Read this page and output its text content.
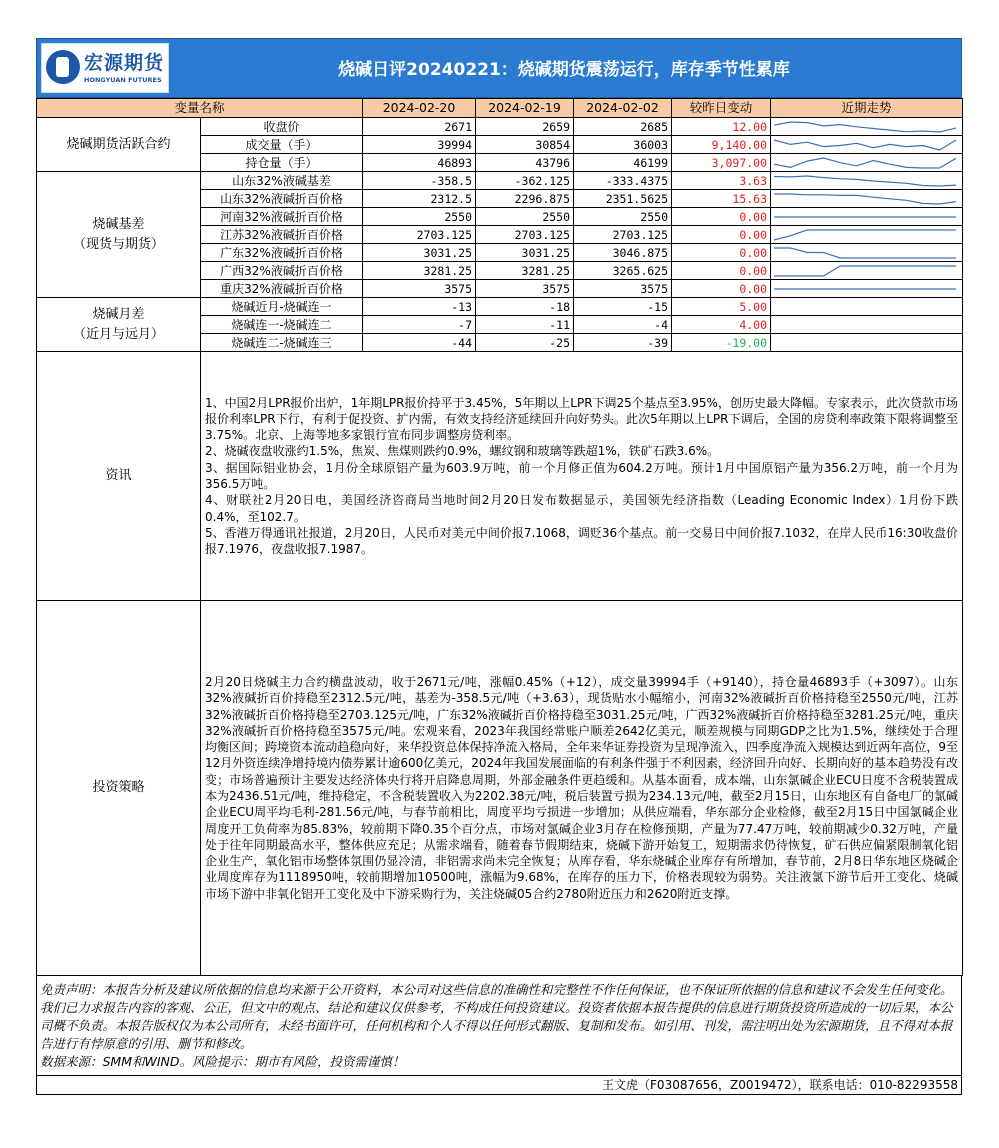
宏源期货
HONGYUAN FUTURES	烧碱日评20240221：烧碱期货震荡运行，库存季节性累库
变量名称		2024-02-20	2024-02-19	2024-02-02	较昨日变动	近期走势

烧碱期货活跃合约	收盘价	2671	2659	2685	12.00	

	成交量（手）	39994	30854	36003	9,140.00	

	持仓量（手）	46893	43796	46199	3,097.00	

烧碱基差
（现货与期货）	山东32%液碱基差	-358.5	-362.125	-333.4375	3.63	

	山东32%液碱折百价格	2312.5	2296.875	2351.5625	15.63	

	河南32%液碱折百价格	2550	2550	2550	0.00	

	江苏32%液碱折百价格	2703.125	2703.125	2703.125	0.00	

	广东32%液碱折百价格	3031.25	3031.25	3046.875	0.00	

	广西32%液碱折百价格	3281.25	3281.25	3265.625	0.00	

	重庆32%液碱折百价格	3575	3575	3575	0.00	

烧碱月差
（近月与远月）	烧碱近月-烧碱连一	-13	-18	-15	5.00	
	烧碱连一-烧碱连二	-7	-11	-4	4.00	
	烧碱连二-烧碱连三	-44	-25	-39	-19.00	
资讯	1、中国2月LPR报价出炉，1年期LPR报价持平于3.45%，5年期以上LPR下调25个基点至3.95%，创历史最大降幅。专家表示，此次贷款市场报价利率LPR下行，有利于促投资、扩内需，有效支持经济延续回升向好势头。此次5年期以上LPR下调后，全国的房贷利率政策下限将调整至3.75%。北京、上海等地多家银行宣布同步调整房贷利率。

2、烧碱夜盘收涨约1.5%，焦炭、焦煤则跌约0.9%，螺纹钢和玻璃等跌超1%，铁矿石跌3.6%。

3、据国际铝业协会，1月份全球原铝产量为603.9万吨，前一个月修正值为604.2万吨。预计1月中国原铝产量为356.2万吨，前一个月为356.5万吨。

4、财联社2月20日电，美国经济咨商局当地时间2月20日发布数据显示，美国领先经济指数（Leading Economic Index）1月份下跌0.4%，至102.7。

5、香港万得通讯社报道，2月20日，人民币对美元中间价报7.1068，调贬36个基点。前一交易日中间价报7.1032，在岸人民币16:30收盘价报7.1976，夜盘收报7.1987。					

投资策略	2月20日烧碱主力合约横盘波动，收于2671元/吨，涨幅0.45%（+12），成交量39994手（+9140），持仓量46893手（+3097）。山东32%液碱折百价持稳至2312.5元/吨，基差为-358.5元/吨（+3.63），现货贴水小幅缩小，河南32%液碱折百价格持稳至2550元/吨，江苏32%液碱折百价格持稳至2703.125元/吨，广东32%液碱折百价格持稳至3031.25元/吨，广西32%液碱折百价格持稳至3281.25元/吨，重庆32%液碱折百价格持稳至3575元/吨。宏观来看，2023年我国经常账户顺差2642亿美元，顺差规模与同期GDP之比为1.5%，继续处于合理均衡区间；跨境资本流动趋稳向好，来华投资总体保持净流入格局，全年来华证券投资为呈现净流入，四季度净流入规模达到近两年高位，9至12月外资连续净增持境内债券累计逾600亿美元，2024年我国发展面临的有利条件强于不利因素，经济回升向好、长期向好的基本趋势没有改变；市场普遍预计主要发达经济体央行将开启降息周期，外部金融条件更趋缓和。从基本面看，成本端，山东氯碱企业ECU日度不含税装置成本为2436.51元/吨，维持稳定，不含税装置收入为2202.38元/吨，税后装置亏损为234.13元/吨，截至2月15日，山东地区有自备电厂的氯碱企业ECU周平均毛利-281.56元/吨，与春节前相比，周度平均亏损进一步增加；从供应端看，华东部分企业检修，截至2月15日中国氯碱企业周度开工负荷率为85.83%，较前期下降0.35个百分点，市场对氯碱企业3月存在检修预期，产量为77.47万吨，较前期减少0.32万吨，产量处于往年同期最高水平，整体供应充足；从需求端看，随着春节假期结束，烧碱下游开始复工，短期需求仍待恢复，矿石供应偏紧限制氧化铝企业生产，氧化铝市场整体氛围仍显冷清，非铝需求尚未完全恢复；从库存看，华东烧碱企业库存有所增加，春节前，2月8日华东地区烧碱企业周度库存为1118950吨，较前期增加10500吨，涨幅为9.68%，在库存的压力下，价格表现较为弱势。关注液氯下游节后开工变化、烧碱市场下游中非氧化铝开工变化及中下游采购行为，关注烧碱05合约2780附近压力和2620附近支撑。					

免责声明：本报告分析及建议所依据的信息均来源于公开资料，本公司对这些信息的准确性和完整性不作任何保证，也不保证所依据的信息和建议不会发生任何变化。我们已力求报告内容的客观、公正，但文中的观点、结论和建议仅供参考，不构成任何投资建议。投资者依据本报告提供的信息进行期货投资所造成的一切后果，本公司概不负责。本报告版权仅为本公司所有，未经书面许可，任何机构和个人不得以任何形式翻版、复制和发布。如引用、刊发，需注明出处为宏源期货，且不得对本报告进行有悖原意的引用、删节和修改。
数据来源：SMM和WIND。风险提示：期市有风险，投资需谨慎！
王文虎（F03087656，Z0019472），联系电话：010-82293558
